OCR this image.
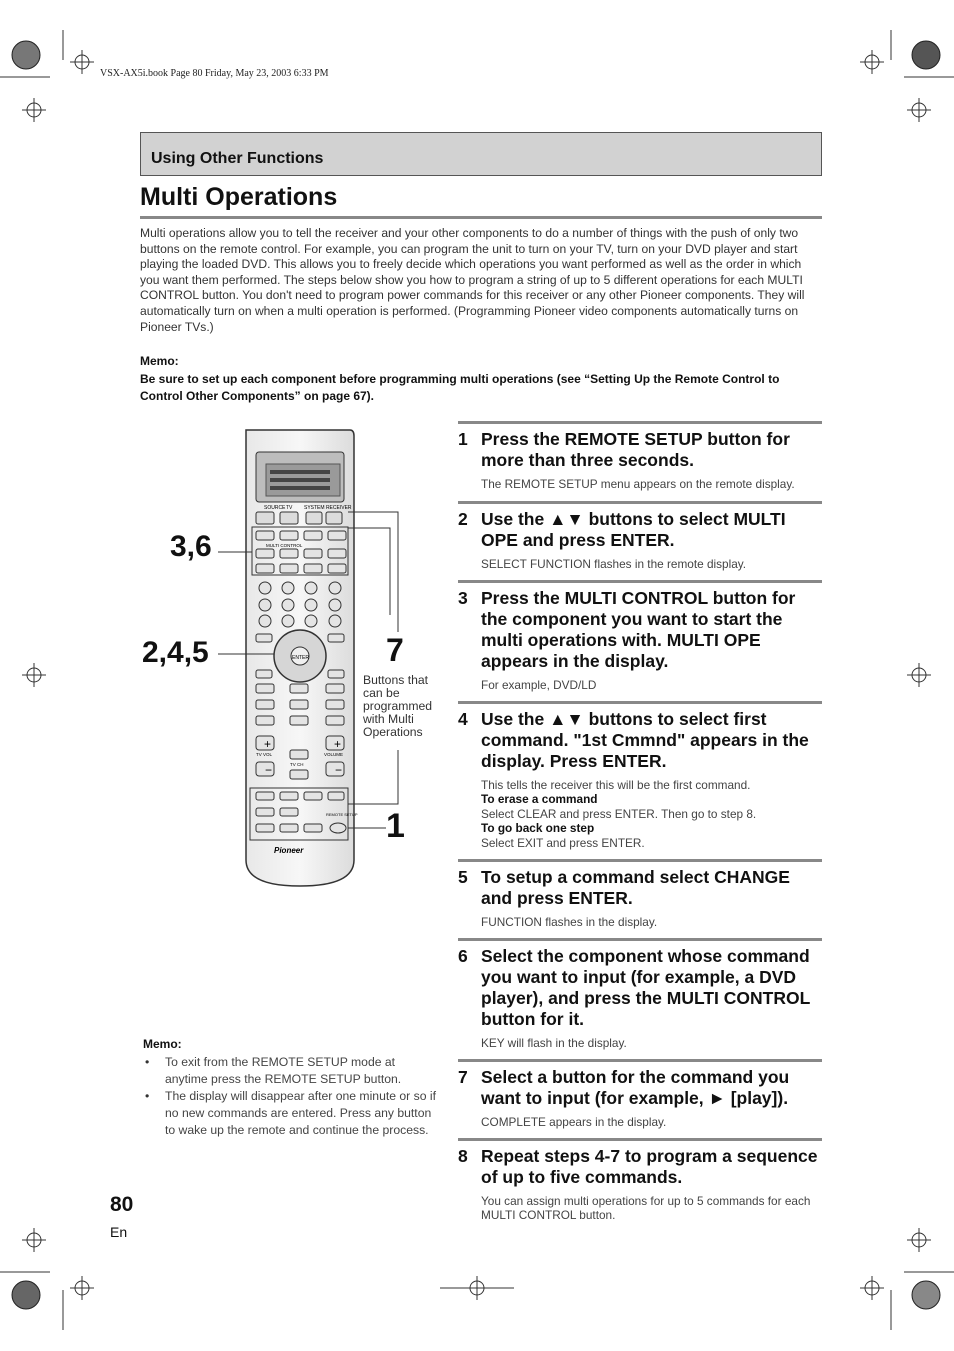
VSX-AX5i.book Page 80 Friday, May 23, 2003 6:33 PM
Using Other Functions
Multi Operations
Multi operations allow you to tell the receiver and your other components to do a number of things with the push of only two buttons on the remote control. For example, you can program the unit to turn on your TV, turn on your DVD player and start playing the loaded DVD. This allows you to freely decide which operations you want performed as well as the order in which you want them performed. The steps below show you how to program a string of up to 5 different operations for each MULTI CONTROL button. You don't need to program power commands for this receiver or any other Pioneer components. They will automatically turn on when a multi operation is performed. (Programming Pioneer video components automatically turns on Pioneer TVs.)
Memo:
Be sure to set up each component before programming multi operations (see “Setting Up the Remote Control to Control Other Components” on page 67).
SOURCE TV SYSTEM RECEIVER
MULTI CONTROL
ENTER
TV VOL
TV CH
VOLUME
+
−
+
−
REMOTE SETUP
Pioneer
3,6
2,4,5	7
1
Buttons that can be programmed with Multi Operations
1 Press the REMOTE SETUP button for more than three seconds.
The REMOTE SETUP menu appears on the remote display.
2 Use the ▲▼ buttons to select MULTI OPE and press ENTER.
SELECT FUNCTION flashes in the remote display.
3 Press the MULTI CONTROL button for the component you want to start the multi operations with. MULTI OPE appears in the display.
For example, DVD/LD
4 Use the ▲▼ buttons to select first command. "1st Cmmnd" appears in the display. Press ENTER.
This tells the receiver this will be the first command.
To erase a command
Select CLEAR and press ENTER. Then go to step 8.
To go back one step
Select EXIT and press ENTER.
5 To setup a command select CHANGE and press ENTER.
FUNCTION flashes in the display.
6 Select the component whose command you want to input (for example, a DVD player), and press the MULTI CONTROL button for it.
KEY will flash in the display.
7 Select a button for the command you want to input (for example, ► [play]).
COMPLETE appears in the display.
8 Repeat steps 4-7 to program a sequence of up to five commands.
You can assign multi operations for up to 5 commands for each MULTI CONTROL button.
Memo:
• To exit from the REMOTE SETUP mode at anytime press the REMOTE SETUP button.
• The display will disappear after one minute or so if no new commands are entered. Press any button to wake up the remote and continue the process.
80
En
